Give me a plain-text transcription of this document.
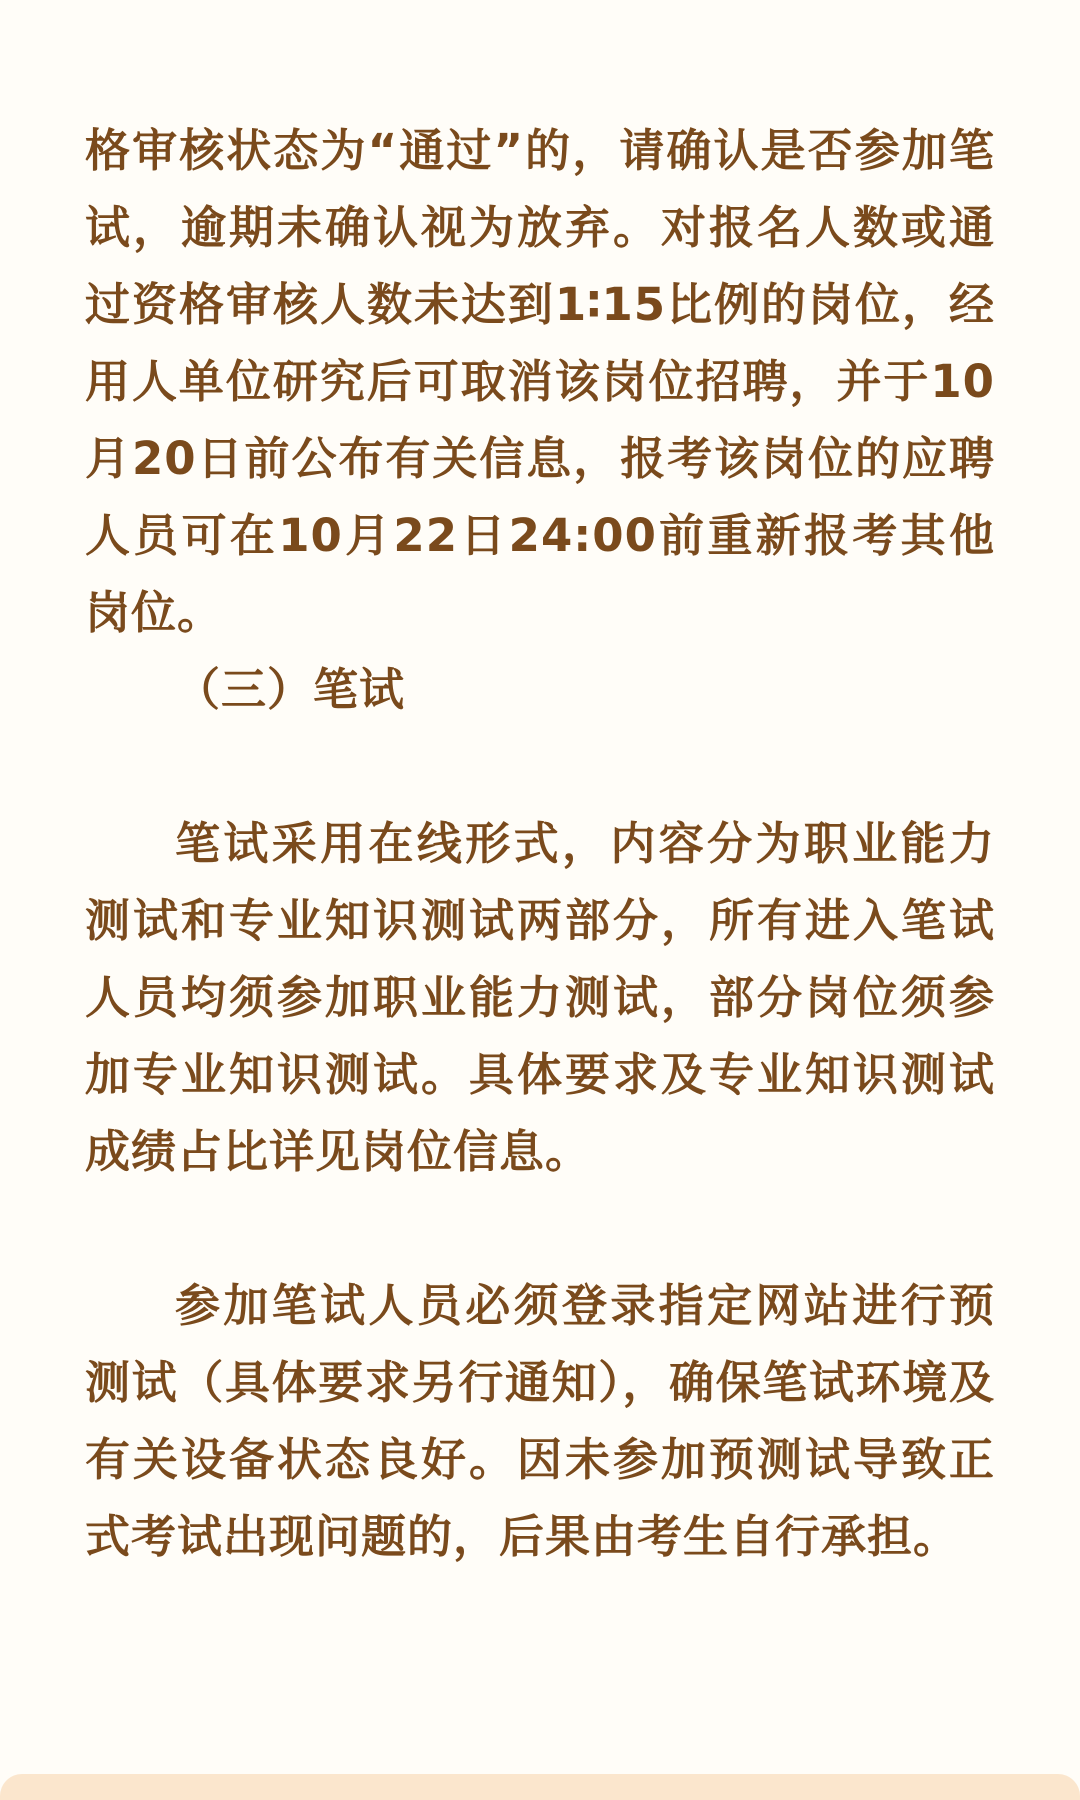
格审核状态为“通过”的，请确认是否参加笔试，逾期未确认视为放弃。对报名人数或通过资格审核人数未达到1∶15比例的岗位，经用人单位研究后可取消该岗位招聘，并于10月20日前公布有关信息，报考该岗位的应聘人员可在10月22日24:00前重新报考其他岗位。

（三）笔试

笔试采用在线形式，内容分为职业能力测试和专业知识测试两部分，所有进入笔试人员均须参加职业能力测试，部分岗位须参加专业知识测试。具体要求及专业知识测试成绩占比详见岗位信息。

参加笔试人员必须登录指定网站进行预测试（具体要求另行通知），确保笔试环境及有关设备状态良好。因未参加预测试导致正式考试出现问题的，后果由考生自行承担。
